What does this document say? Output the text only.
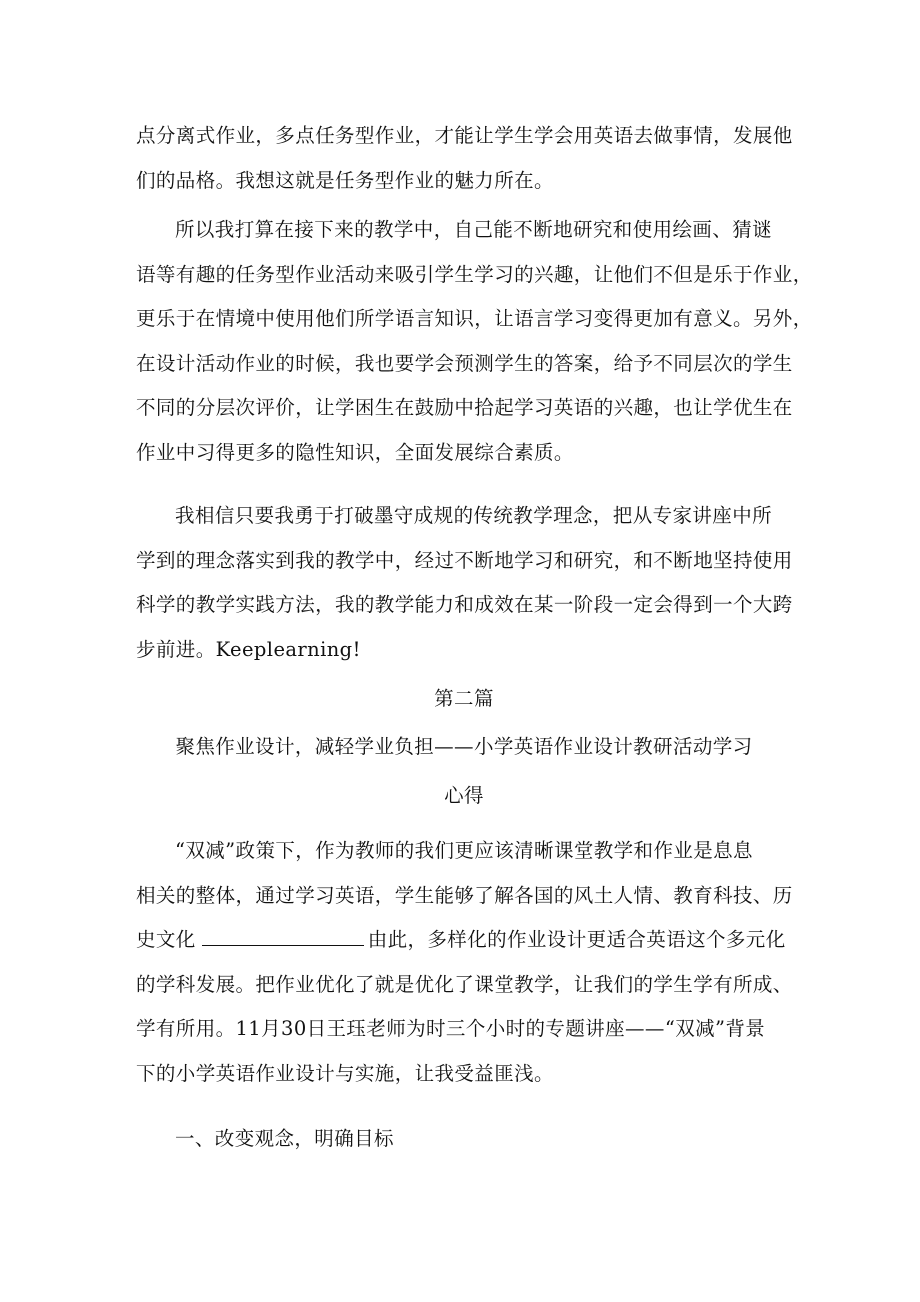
点分离式作业，多点任务型作业，才能让学生学会用英语去做事情，发展他
们的品格。我想这就是任务型作业的魅力所在。

所以我打算在接下来的教学中，自己能不断地研究和使用绘画、猜谜
语等有趣的任务型作业活动来吸引学生学习的兴趣，让他们不但是乐于作业，
更乐于在情境中使用他们所学语言知识，让语言学习变得更加有意义。另外，
在设计活动作业的时候，我也要学会预测学生的答案，给予不同层次的学生
不同的分层次评价，让学困生在鼓励中拾起学习英语的兴趣，也让学优生在
作业中习得更多的隐性知识，全面发展综合素质。

我相信只要我勇于打破墨守成规的传统教学理念，把从专家讲座中所
学到的理念落实到我的教学中，经过不断地学习和研究，和不断地坚持使用
科学的教学实践方法，我的教学能力和成效在某一阶段一定会得到一个大跨
步前进。Keeplearning!

第二篇

聚焦作业设计，减轻学业负担——小学英语作业设计教研活动学习

心得

“双减”政策下，作为教师的我们更应该清晰课堂教学和作业是息息
相关的整体，通过学习英语，学生能够了解各国的风土人情、教育科技、历
史文化	由此，多样化的作业设计更适合英语这个多元化
的学科发展。把作业优化了就是优化了课堂教学，让我们的学生学有所成、
学有所用。11月30日王珏老师为时三个小时的专题讲座——“双减”背景
下的小学英语作业设计与实施，让我受益匪浅。

一、改变观念，明确目标
